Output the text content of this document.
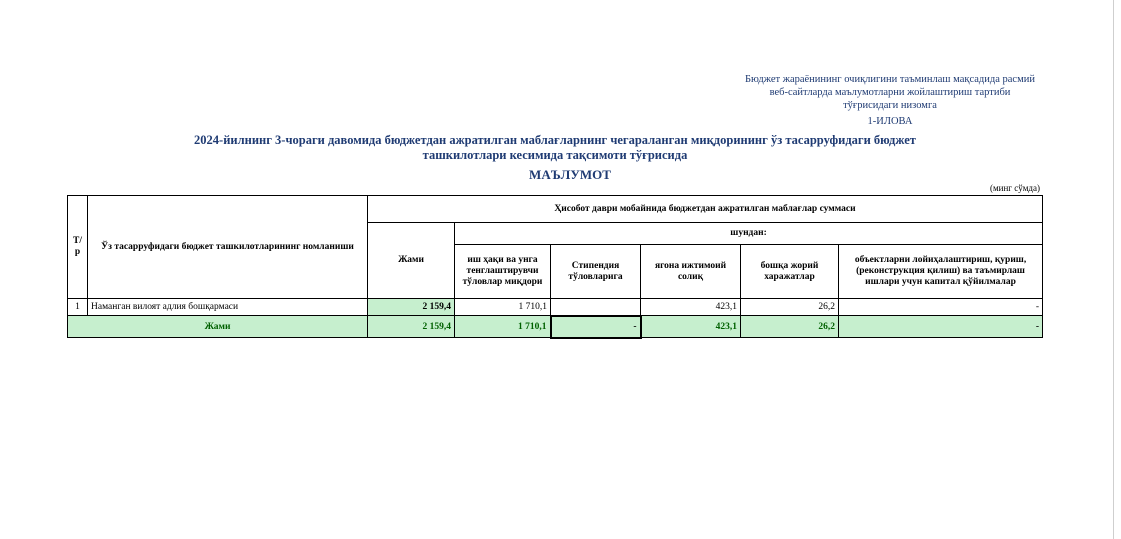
Бюджет жараёнининг очиқлигини таъминлаш мақсадида расмий
веб-сайтларда маълумотларни жойлаштириш тартиби
тўғрисидаги низомга
1-ИЛОВА
2024-йилнинг 3-чораги давомида бюджетдан ажратилган маблағларнинг чегараланган миқдорининг ўз тасарруфидаги бюджет
ташкилотлари кесимида тақсимоти тўғрисида
МАЪЛУМОТ
(минг сўмда)
Т/р	Ўз тасарруфидаги бюджет ташкилотларининг номланиши	Ҳисобот даври мобайнида бюджетдан ажратилган маблағлар суммаси					
		Жами	шундан:				
			иш ҳақи ва унга тенглаштирувчи тўловлар миқдори	Стипендия тўловларига	ягона ижтимоий солиқ	бошқа жорий харажатлар	объектларни лойиҳалаштириш, қуриш, (реконструкция қилиш) ва таъмирлаш ишлари учун капитал қўйилмалар
1	Наманган вилоят адлия бошқармаси	2 159,4	1 710,1		423,1	26,2	-
Жами		2 159,4	1 710,1	-	423,1	26,2	-
